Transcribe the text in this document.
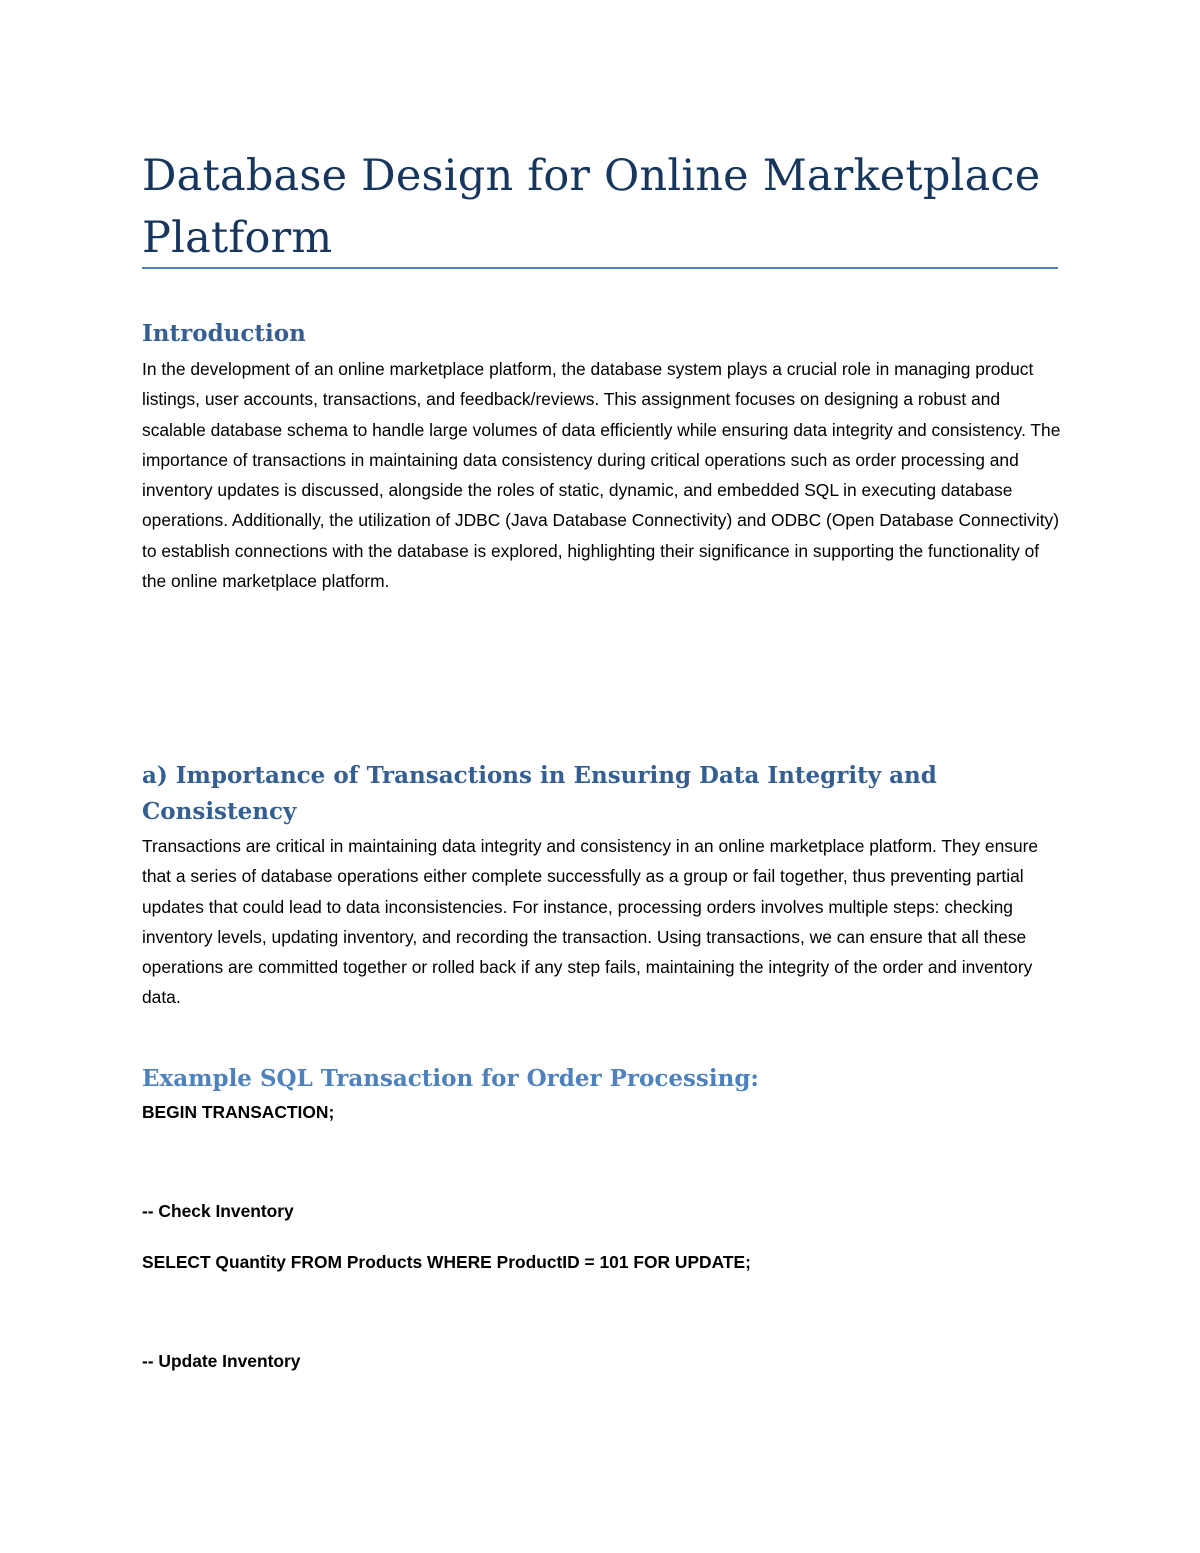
Database Design for Online Marketplace Platform
Introduction

In the development of an online marketplace platform, the database system plays a crucial role in managing product listings, user accounts, transactions, and feedback/reviews. This assignment focuses on designing a robust and scalable database schema to handle large volumes of data efficiently while ensuring data integrity and consistency. The importance of transactions in maintaining data consistency during critical operations such as order processing and inventory updates is discussed, alongside the roles of static, dynamic, and embedded SQL in executing database operations. Additionally, the utilization of JDBC (Java Database Connectivity) and ODBC (Open Database Connectivity) to establish connections with the database is explored, highlighting their significance in supporting the functionality of the online marketplace platform.

a) Importance of Transactions in Ensuring Data Integrity and Consistency

Transactions are critical in maintaining data integrity and consistency in an online marketplace platform. They ensure that a series of database operations either complete successfully as a group or fail together, thus preventing partial updates that could lead to data inconsistencies. For instance, processing orders involves multiple steps: checking inventory levels, updating inventory, and recording the transaction. Using transactions, we can ensure that all these operations are committed together or rolled back if any step fails, maintaining the integrity of the order and inventory data.

Example SQL Transaction for Order Processing:
BEGIN TRANSACTION;
-- Check Inventory
SELECT Quantity FROM Products WHERE ProductID = 101 FOR UPDATE;
-- Update Inventory
